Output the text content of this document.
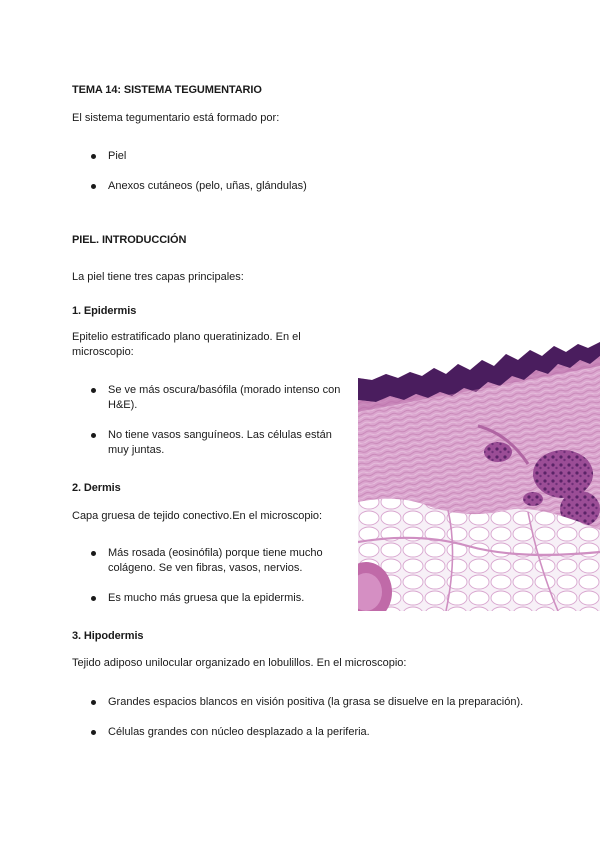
TEMA 14: SISTEMA TEGUMENTARIO
El sistema tegumentario está formado por:
Piel
Anexos cutáneos (pelo, uñas, glándulas)
PIEL. INTRODUCCIÓN
La piel tiene tres capas principales:
1. Epidermis
Epitelio estratificado plano queratinizado. En el
microscopio:
Se ve más oscura/basófila (morado intenso con
H&E).
No tiene vasos sanguíneos. Las células están
muy juntas.
2. Dermis
Capa gruesa de tejido conectivo.En el microscopio:
Más rosada (eosinófila) porque tiene mucho
colágeno. Se ven fibras, vasos, nervios.
Es mucho más gruesa que la epidermis.
3. Hipodermis
Tejido adiposo unilocular organizado en lobulillos. En el microscopio:
Grandes espacios blancos en visión positiva (la grasa se disuelve en la preparación).
Células grandes con núcleo desplazado a la periferia.
